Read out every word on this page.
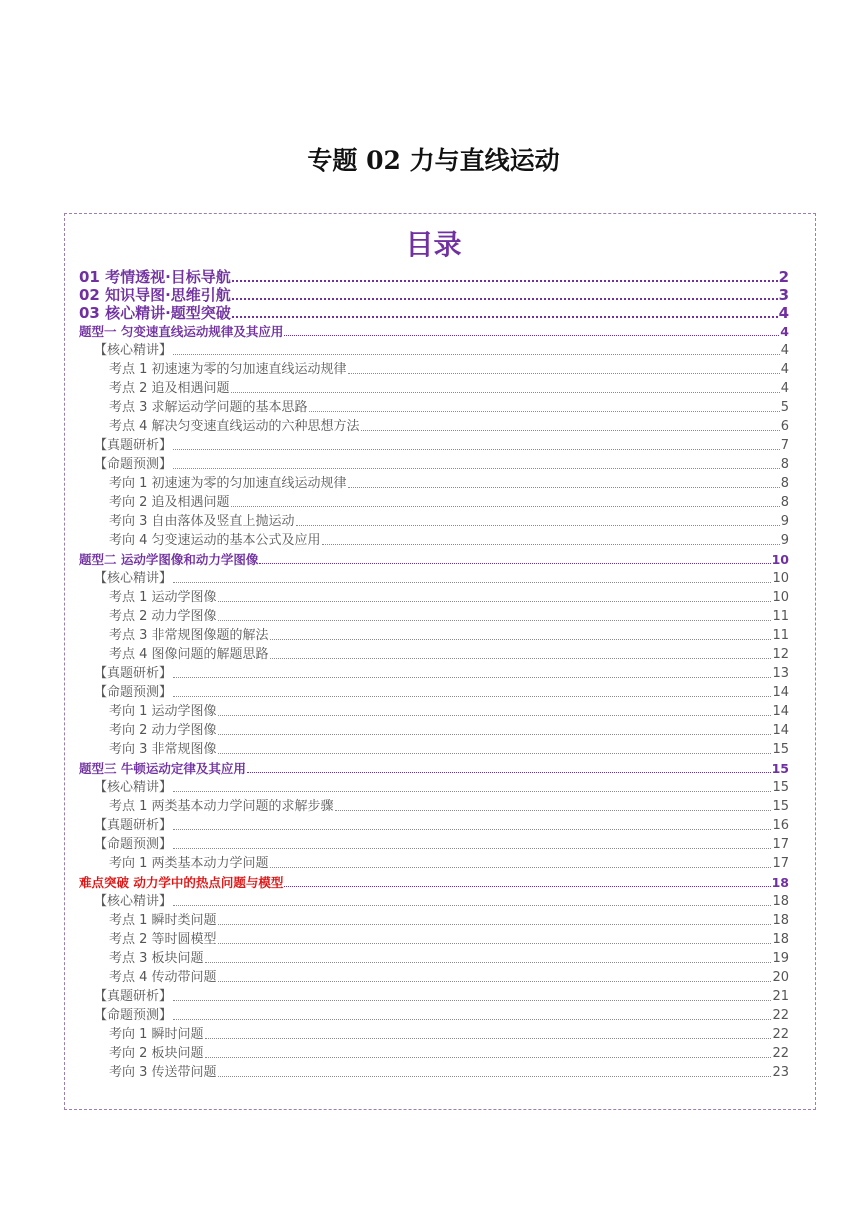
专题 02 力与直线运动
目录
01 考情透视·目标导航	2
02 知识导图·思维引航	3
03 核心精讲·题型突破	4
题型一 匀变速直线运动规律及其应用	4
【核心精讲】	4
考点 1 初速速为零的匀加速直线运动规律	4
考点 2 追及相遇问题	4
考点 3 求解运动学问题的基本思路	5
考点 4 解决匀变速直线运动的六种思想方法	6
【真题研析】	7
【命题预测】	8
考向 1 初速速为零的匀加速直线运动规律	8
考向 2 追及相遇问题	8
考向 3 自由落体及竖直上抛运动	9
考向 4 匀变速运动的基本公式及应用	9
题型二 运动学图像和动力学图像	10
【核心精讲】	10
考点 1 运动学图像	10
考点 2 动力学图像	11
考点 3 非常规图像题的解法	11
考点 4 图像问题的解题思路	12
【真题研析】	13
【命题预测】	14
考向 1 运动学图像	14
考向 2 动力学图像	14
考向 3 非常规图像	15
题型三 牛顿运动定律及其应用	15
【核心精讲】	15
考点 1 两类基本动力学问题的求解步骤	15
【真题研析】	16
【命题预测】	17
考向 1 两类基本动力学问题	17
难点突破 动力学中的热点问题与模型	18
【核心精讲】	18
考点 1 瞬时类问题	18
考点 2 等时圆模型	18
考点 3 板块问题	19
考点 4 传动带问题	20
【真题研析】	21
【命题预测】	22
考向 1 瞬时问题	22
考向 2 板块问题	22
考向 3 传送带问题	23
